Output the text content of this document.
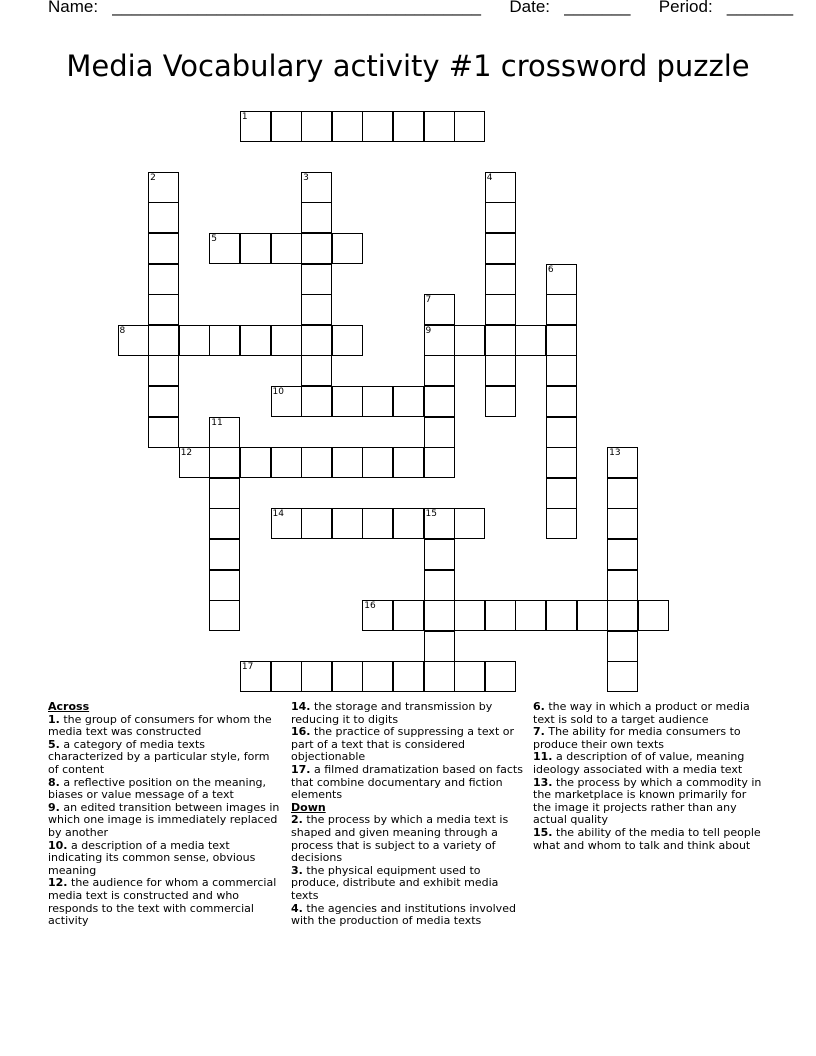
Name: _______________________________________ Date: _______ Period: _______
Media Vocabulary activity #1 crossword puzzle
1
2	3	4
5
6
7
9
8
10
11
12	13
14	15
16
17
Across

1. the group of consumers for whom the media text was constructed

5. a category of media texts characterized by a particular style, form of content

8. a reflective position on the meaning, biases or value message of a text

9. an edited transition between images in which one image is immediately replaced by another

10. a description of a media text indicating its common sense, obvious meaning

12. the audience for whom a commercial media text is constructed and who responds to the text with commercial activity

14. the storage and transmission by reducing it to digits

16. the practice of suppressing a text or part of a text that is considered objectionable

17. a filmed dramatization based on facts that combine documentary and fiction elements

Down

2. the process by which a media text is shaped and given meaning through a process that is subject to a variety of decisions

3. the physical equipment used to produce, distribute and exhibit media texts

4. the agencies and institutions involved with the production of media texts

6. the way in which a product or media text is sold to a target audience

7. The ability for media consumers to produce their own texts

11. a description of of value, meaning ideology associated with a media text

13. the process by which a commodity in the marketplace is known primarily for the image it projects rather than any actual quality

15. the ability of the media to tell people what and whom to talk and think about
